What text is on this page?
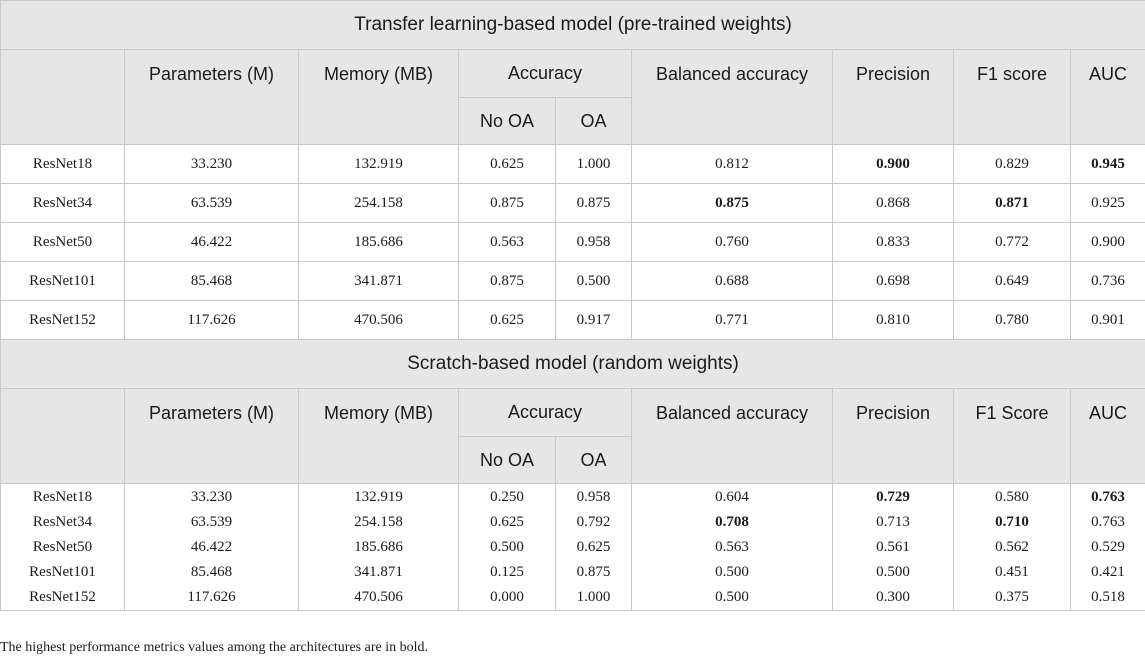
Transfer learning-based model (pre-trained weights)								
	Parameters (M)	Memory (MB)	Accuracy		Balanced accuracy	Precision	F1 score	AUC
			No OA	OA				
ResNet18	33.230	132.919	0.625	1.000	0.812	0.900	0.829	0.945
ResNet34	63.539	254.158	0.875	0.875	0.875	0.868	0.871	0.925
ResNet50	46.422	185.686	0.563	0.958	0.760	0.833	0.772	0.900
ResNet101	85.468	341.871	0.875	0.500	0.688	0.698	0.649	0.736
ResNet152	117.626	470.506	0.625	0.917	0.771	0.810	0.780	0.901
Scratch-based model (random weights)								
	Parameters (M)	Memory (MB)	Accuracy		Balanced accuracy	Precision	F1 Score	AUC
			No OA	OA				
ResNet18	33.230	132.919	0.250	0.958	0.604	0.729	0.580	0.763
ResNet34	63.539	254.158	0.625	0.792	0.708	0.713	0.710	0.763
ResNet50	46.422	185.686	0.500	0.625	0.563	0.561	0.562	0.529
ResNet101	85.468	341.871	0.125	0.875	0.500	0.500	0.451	0.421
ResNet152	117.626	470.506	0.000	1.000	0.500	0.300	0.375	0.518
The highest performance metrics values among the architectures are in bold.
